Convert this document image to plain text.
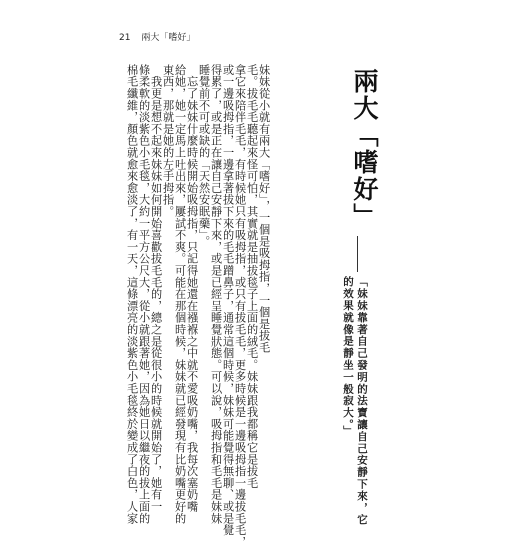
21 兩大「嗜好」
妹妹從小就有兩大「嗜好」，一個是吸拇指，一個是拔毛
毛。拔毛毛聽起來怪可怕，其實就是抽拔毯子上面的絨毛。妹妹跟我都稱它是拔毛
拿它來陪伴毛毛，有時候她只有吸拇指，或只有拔毛毛，更多時候是一邊吸拇指一邊拔毛毛，
或一邊吸拇指，一邊拿著拔下來的毛毛蹭鼻子，通常這個時候，妹妹可能覺得無聊、或是覺
得累了，或是正在讓自己安靜下來，或是已經呈睡覺狀態。可以說，吸拇指和毛毛是妹妹
睡覺前不可或缺的「天然安眠藥」。
　忘了妹妹什麼時候開始吸拇指，只記得她還在襁褓之中就不愛吸奶嘴，我每次塞奶嘴
給她，她一定馬上吐出來，屢試不爽。可能在那個時候，妹妹就已經發現有比奶嘴更好的
東西，那就是她的左手拇指。
　我更是想不起來妹妹如何開始喜歡拔毛毛的，總之是從很小的時候就開始了，她有一
條柔軟的淡紫色小毛毯，大約一平方公尺大，從小就跟著她，因為她日以繼夜的拔上面的
棉毛纖維，顏色就愈來愈淡了，有一天，這條漂亮的淡紫色小毛毯終於變成了白色，人家	兩大「嗜好」
「妹妹靠著自己發明的法寶讓自己安靜下來，它
的效果就像是靜坐一般寂大。」
